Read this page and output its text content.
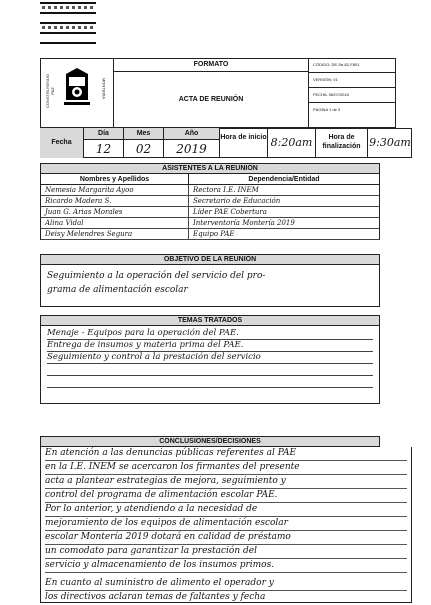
CONSTRUYENDO PAZ	MONTERÍA
FORMATO
ACTA DE REUNIÓN
CÓDIGO: DE-Se-82-F801
VERSIÓN: 01
FECHA: 06/07/2018
PÁGINA 1 de 3
Fecha
Día	Mes	Año
12	02	2019
Hora de inicio 8:20am	Hora de finalización 9:30am
ASISTENTES A LA REUNIÓN
Nombres y Apellidos	Dependencia/Entidad
Nemesia Margarita Ayoo	Rectora I.E. INEM
Ricardo Madera S.	Secretario de Educación
Juan G. Arias Morales	Líder PAE Cobertura
Alina Vidal	Interventoría Montería 2019
Deisy Melendres Segura	Equipo PAE
OBJETIVO DE LA REUNIÓN
Seguimiento a la operación del servicio del pro-
grama de alimentación escolar
TEMAS TRATADOS
Menaje - Equipos para la operación del PAE.
Entrega de insumos y materia prima del PAE.
Seguimiento y control a la prestación del servicio
CONCLUSIONES/DECISIONES
En atención a las denuncias públicas referentes al PAE
en la I.E. INEM se acercaron los firmantes del presente
acta a plantear estrategias de mejora, seguimiento y
control del programa de alimentación escolar PAE.
Por lo anterior, y atendiendo a la necesidad de
mejoramiento de los equipos de alimentación escolar
escolar Montería 2019 dotará en calidad de préstamo
un comodato para garantizar la prestación del
servicio y almacenamiento de los insumos primos.
En cuanto al suministro de alimento el operador y
los directivos aclaran temas de faltantes y fecha
